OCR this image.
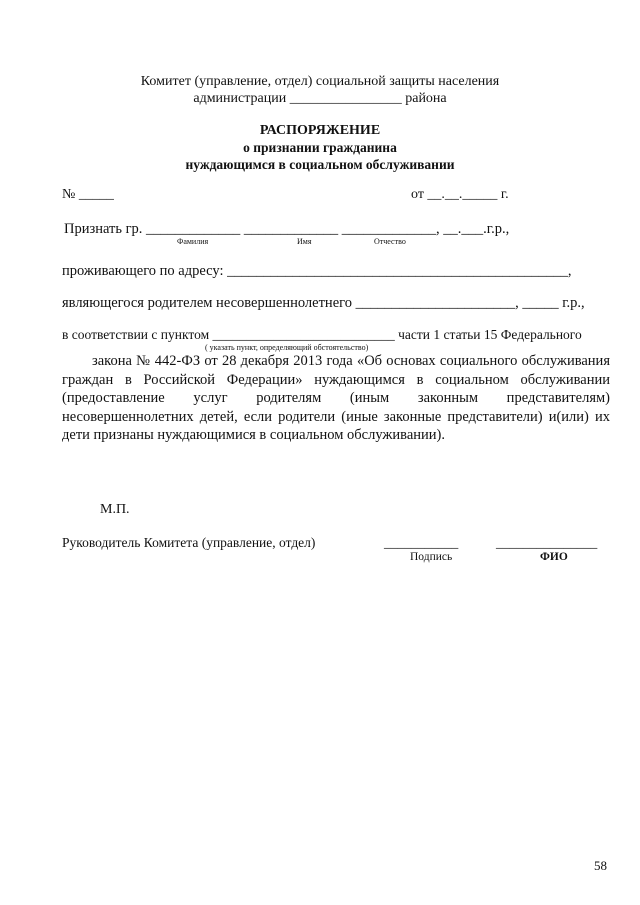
Комитет (управление, отдел) социальной защиты населения
администрации ________________ района
РАСПОРЯЖЕНИЕ
о признании гражданина
нуждающимся в социальном обслуживании
№ _____	от __.__._____ г.
Признать гр. _____________ _____________ _____________, __.___.г.р.,
Фамилия	Имя	Отчество
проживающего по адресу: _______________________________________________,
являющегося родителем несовершеннолетнего ______________________, _____ г.р.,
в соответствии с пунктом ___________________________ части 1 статьи 15 Федерального
( указать пункт, определяющий обстоятельство)
закона № 442-ФЗ от 28 декабря 2013 года «Об основах социального обслуживания граждан в Российской Федерации» нуждающимся в социальном обслуживании (предоставление услуг родителям (иным законным представителям) несовершеннолетних детей, если родители (иные законные представители) и(или) их дети признаны нуждающимися в социальном обслуживании).
М.П.
Руководитель Комитета (управление, отдел)	___________	_______________
Подпись	ФИО
58
